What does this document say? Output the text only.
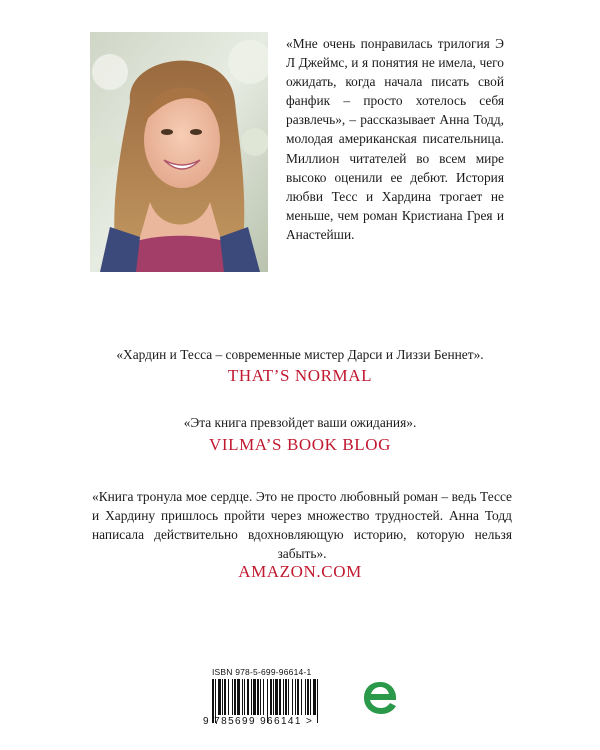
«Мне очень понравилась трилогия Э Л Джеймс, и я понятия не имела, чего ожидать, когда начала писать свой фанфик – просто хотелось себя развлечь», – рассказывает Анна Тодд, молодая американская писательница. Миллион читателей во всем мире высоко оценили ее дебют. История любви Тесс и Хардина трогает не меньше, чем роман Кристиана Грея и Анастейши.

«Хардин и Тесса – современные мистер Дарси и Лиззи Беннет».

THAT’S NORMAL

«Эта книга превзойдет ваши ожидания».

VILMA’S BOOK BLOG

«Книга тронула мое сердце. Это не просто любовный роман – ведь Тессе и Хардину пришлось пройти через множество трудностей. Анна Тодд написала действительно вдохновляющую историю, которую нельзя забыть».

AMAZON.COM

ISBN 978-5-699-96614-1
9 785699 966141 >
